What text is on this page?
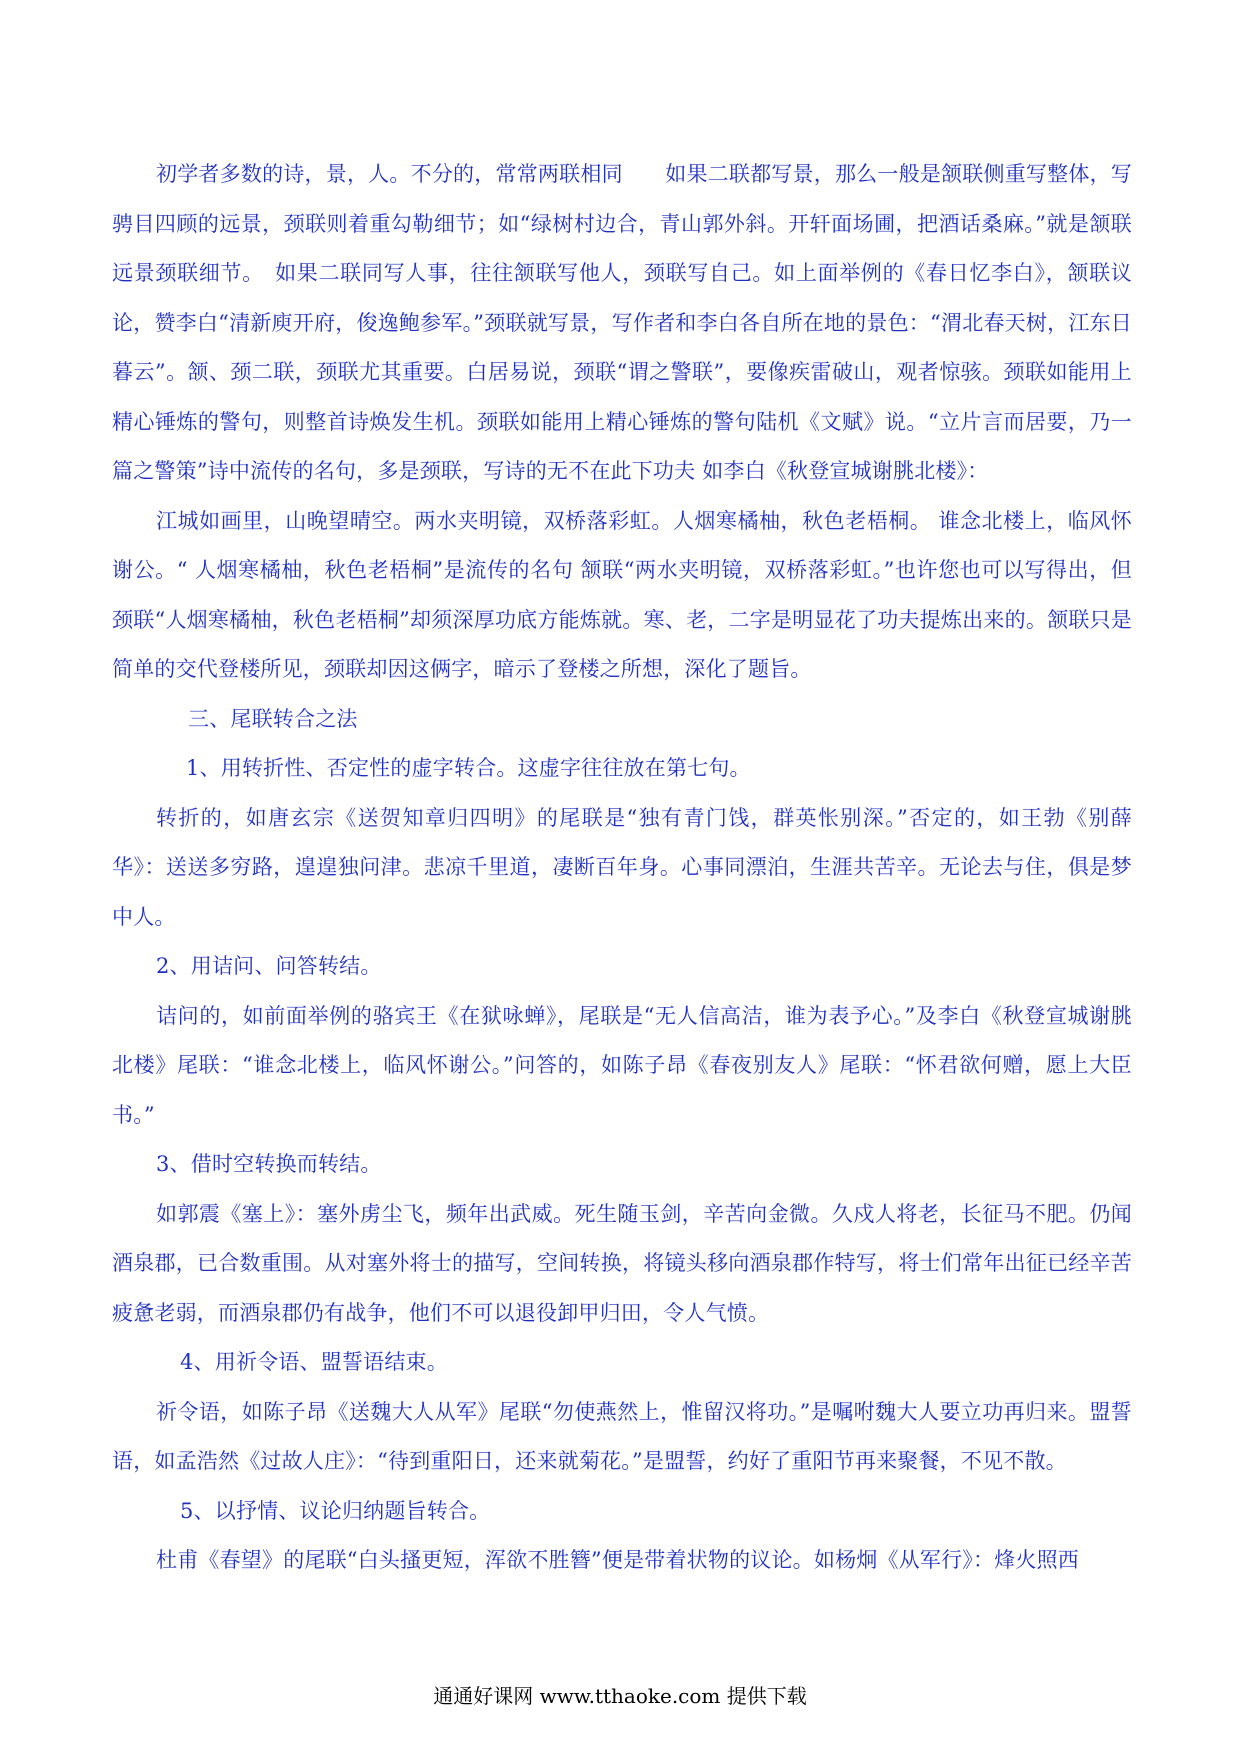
初学者多数的诗，景，人。不分的，常常两联相同　　如果二联都写景，那么一般是颔联侧重写整体，写骋目四顾的远景，颈联则着重勾勒细节；如“绿树村边合，青山郭外斜。开轩面场圃，把酒话桑麻。”就是颔联远景颈联细节。　如果二联同写人事，往往颔联写他人，颈联写自己。如上面举例的《春日忆李白》，颔联议论，赞李白“清新庾开府，俊逸鲍参军。”颈联就写景，写作者和李白各自所在地的景色：“渭北春天树，江东日暮云”。颔、颈二联，颈联尤其重要。白居易说，颈联“谓之警联”，要像疾雷破山，观者惊骇。颈联如能用上精心锤炼的警句，则整首诗焕发生机。颈联如能用上精心锤炼的警句陆机《文赋》说。“立片言而居要，乃一篇之警策”诗中流传的名句，多是颈联，写诗的无不在此下功夫 如李白《秋登宣城谢朓北楼》：

江城如画里，山晚望晴空。两水夹明镜，双桥落彩虹。人烟寒橘柚，秋色老梧桐。 谁念北楼上，临风怀谢公。“ 人烟寒橘柚，秋色老梧桐”是流传的名句 颔联“两水夹明镜，双桥落彩虹。”也许您也可以写得出，但颈联“人烟寒橘柚，秋色老梧桐”却须深厚功底方能炼就。寒、老，二字是明显花了功夫提炼出来的。颔联只是简单的交代登楼所见，颈联却因这俩字，暗示了登楼之所想，深化了题旨。

三、尾联转合之法

1、用转折性、否定性的虚字转合。这虚字往往放在第七句。

转折的，如唐玄宗《送贺知章归四明》的尾联是“独有青门饯，群英怅别深。”否定的，如王勃《别薛华》：送送多穷路，遑遑独问津。悲凉千里道，凄断百年身。心事同漂泊，生涯共苦辛。无论去与住，俱是梦中人。

2、用诘问、问答转结。

诘问的，如前面举例的骆宾王《在狱咏蝉》，尾联是“无人信高洁，谁为表予心。”及李白《秋登宣城谢朓北楼》尾联：“谁念北楼上，临风怀谢公。”问答的，如陈子昂《春夜别友人》尾联：“怀君欲何赠，愿上大臣书。”

3、借时空转换而转结。

如郭震《塞上》：塞外虏尘飞，频年出武威。死生随玉剑，辛苦向金微。久戍人将老，长征马不肥。仍闻酒泉郡，已合数重围。从对塞外将士的描写，空间转换，将镜头移向酒泉郡作特写，将士们常年出征已经辛苦疲惫老弱，而酒泉郡仍有战争，他们不可以退役卸甲归田，令人气愤。

4、用祈令语、盟誓语结束。

祈令语，如陈子昂《送魏大人从军》尾联“勿使燕然上，惟留汉将功。”是嘱咐魏大人要立功再归来。盟誓语，如孟浩然《过故人庄》：“待到重阳日，还来就菊花。”是盟誓，约好了重阳节再来聚餐，不见不散。

5、以抒情、议论归纳题旨转合。

杜甫《春望》的尾联“白头搔更短，浑欲不胜簪”便是带着状物的议论。如杨炯《从军行》：烽火照西

通通好课网 www.tthaoke.com 提供下载
